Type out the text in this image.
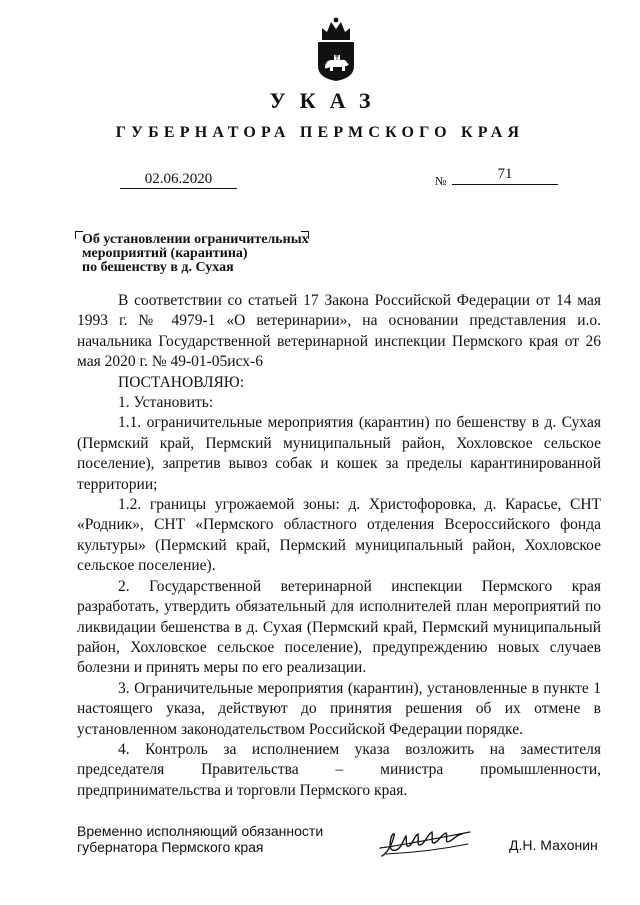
УКАЗ
ГУБЕРНАТОРА ПЕРМСКОГО КРАЯ
02.06.2020	№	71
Об установлении ограничительных
мероприятий (карантина)
по бешенству в д. Сухая

В соответствии со статьей 17 Закона Российской Федерации от 14 мая 1993 г. № 4979-1 «О ветеринарии», на основании представления и.о. начальника Государственной ветеринарной инспекции Пермского края от 26 мая 2020 г. № 49-01-05исх-6

ПОСТАНОВЛЯЮ:

1. Установить:

1.1. ограничительные мероприятия (карантин) по бешенству в д. Сухая (Пермский край, Пермский муниципальный район, Хохловское сельское поселение), запретив вывоз собак и кошек за пределы карантинированной территории;

1.2. границы угрожаемой зоны: д. Христофоровка, д. Карасье, СНТ «Родник», СНТ «Пермского областного отделения Всероссийского фонда культуры» (Пермский край, Пермский муниципальный район, Хохловское сельское поселение).

2. Государственной ветеринарной инспекции Пермского края разработать, утвердить обязательный для исполнителей план мероприятий по ликвидации бешенства в д. Сухая (Пермский край, Пермский муниципальный район, Хохловское сельское поселение), предупреждению новых случаев болезни и принять меры по его реализации.

3. Ограничительные мероприятия (карантин), установленные в пункте 1 настоящего указа, действуют до принятия решения об их отмене в установленном законодательством Российской Федерации порядке.

4. Контроль за исполнением указа возложить на заместителя председателя Правительства – министра промышленности, предпринимательства и торговли Пермского края.

Временно исполняющий обязанности
губернатора Пермского края	Д.Н. Махонин
